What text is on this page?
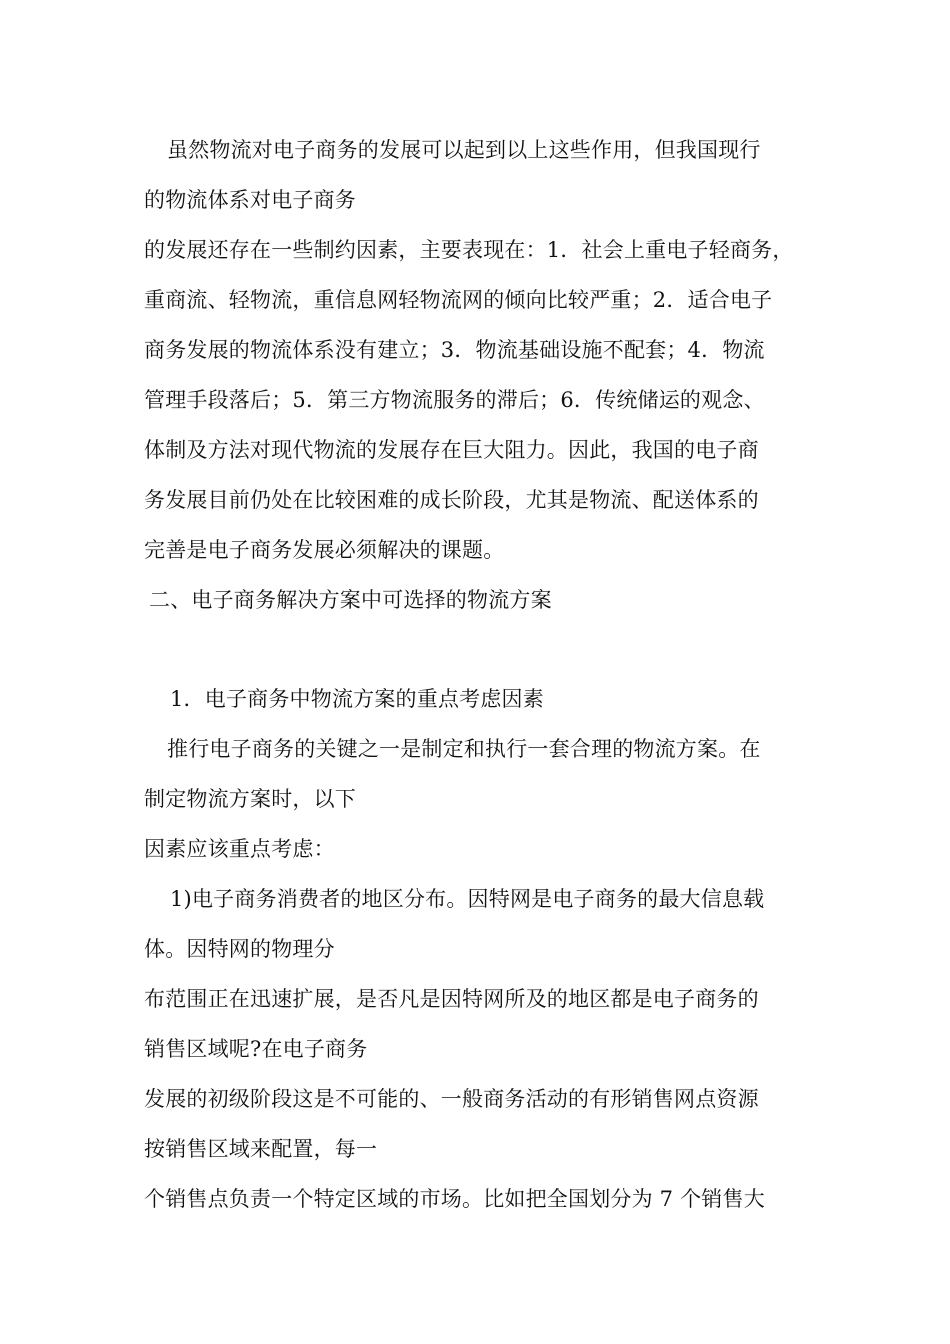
虽然物流对电子商务的发展可以起到以上这些作用，但我国现行
的物流体系对电子商务
的发展还存在一些制约因素，主要表现在：1．社会上重电子轻商务，
重商流、轻物流，重信息网轻物流网的倾向比较严重；2．适合电子
商务发展的物流体系没有建立；3．物流基础设施不配套；4．物流
管理手段落后；5．第三方物流服务的滞后；6．传统储运的观念、
体制及方法对现代物流的发展存在巨大阻力。因此，我国的电子商
务发展目前仍处在比较困难的成长阶段，尤其是物流、配送体系的
完善是电子商务发展必须解决的课题。
二、电子商务解决方案中可选择的物流方案
1．电子商务中物流方案的重点考虑因素
推行电子商务的关键之一是制定和执行一套合理的物流方案。在
制定物流方案时，以下
因素应该重点考虑：
1)电子商务消费者的地区分布。因特网是电子商务的最大信息载
体。因特网的物理分
布范围正在迅速扩展，是否凡是因特网所及的地区都是电子商务的
销售区域呢?在电子商务
发展的初级阶段这是不可能的、一般商务活动的有形销售网点资源
按销售区域来配置，每一
个销售点负责一个特定区域的市场。比如把全国划分为 7 个销售大
